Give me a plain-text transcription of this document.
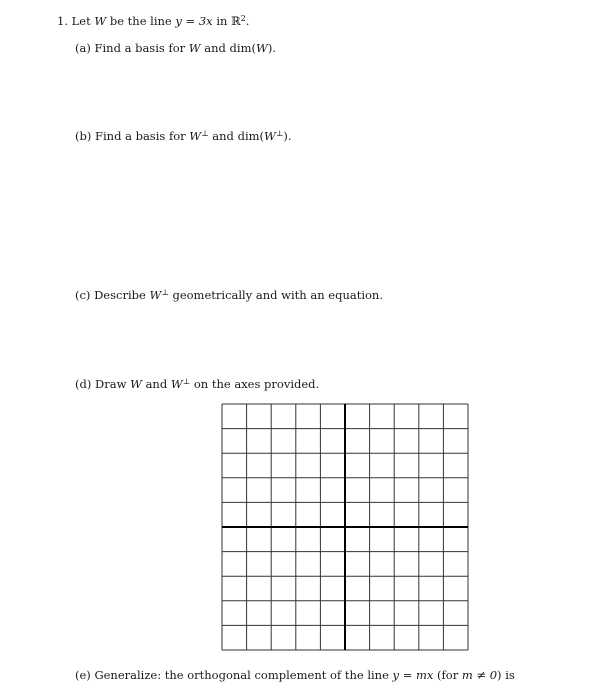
1. Let W be the line y = 3x in ℝ$^2$.
(a) Find a basis for W and dim(W).
(b) Find a basis for W⊥ and dim(W⊥).
(c) Describe W⊥ geometrically and with an equation.
(d) Draw W and W⊥ on the axes provided.
(e) Generalize: the orthogonal complement of the line y = mx (for m ≠ 0) is
